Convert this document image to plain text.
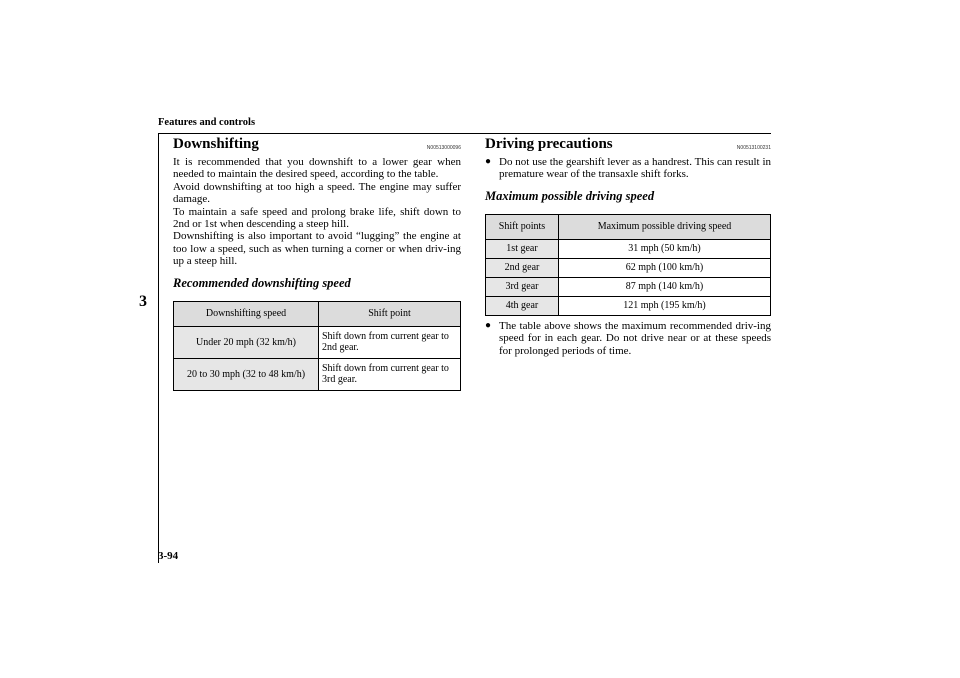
Features and controls
3
3-94
Downshifting	N00513000096

It is recommended that you downshift to a lower gear when needed to maintain the desired speed, according to the table.

Avoid downshifting at too high a speed. The engine may suffer damage.

To maintain a safe speed and prolong brake life, shift down to 2nd or 1st when descending a steep hill.

Downshifting is also important to avoid “lugging” the engine at too low a speed, such as when turning a corner or when driv-ing up a steep hill.

Recommended downshifting speed
Downshifting speed	Shift point
Under 20 mph (32 km/h)	Shift down from current gear to 2nd gear.
20 to 30 mph (32 to 48 km/h)	Shift down from current gear to 3rd gear.
Driving precautions	N00513100231
● Do not use the gearshift lever as a handrest. This can result in premature wear of the transaxle shift forks.
Maximum possible driving speed
Shift points	Maximum possible driving speed
1st gear	31 mph (50 km/h)
2nd gear	62 mph (100 km/h)
3rd gear	87 mph (140 km/h)
4th gear	121 mph (195 km/h)
● The table above shows the maximum recommended driv-ing speed for in each gear. Do not drive near or at these speeds for prolonged periods of time.
